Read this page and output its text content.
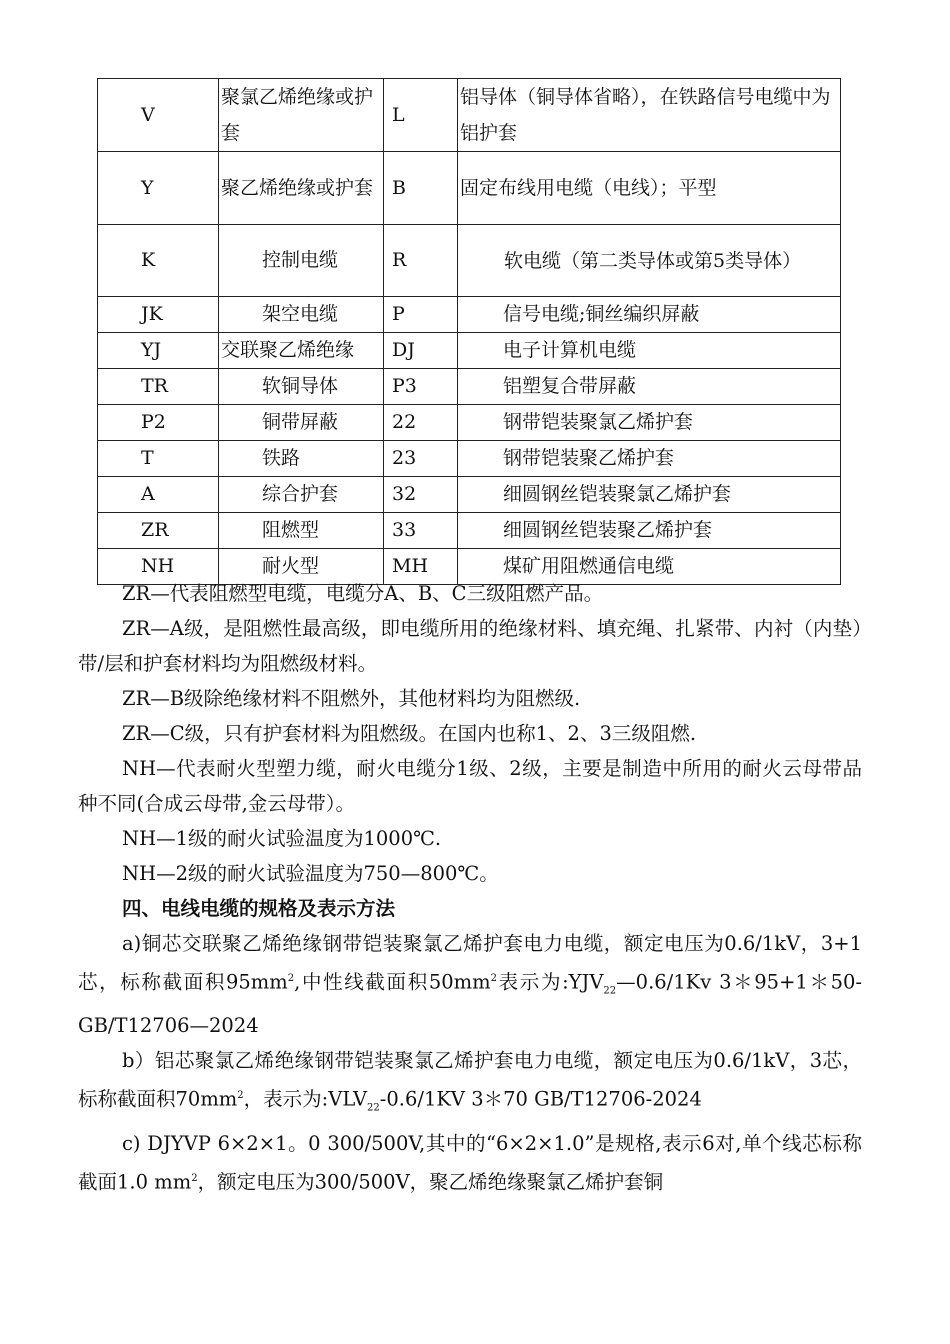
V	聚氯乙烯绝缘或护套	L	铝导体（铜导体省略），在铁路信号电缆中为铝护套
Y	聚乙烯绝缘或护套	B	固定布线用电缆（电线）；平型
K	控制电缆	R	软电缆（第二类导体或第5类导体）
JK	架空电缆	P	信号电缆;铜丝编织屏蔽
YJ	交联聚乙烯绝缘	DJ	电子计算机电缆
TR	软铜导体	P3	铝塑复合带屏蔽
P2	铜带屏蔽	22	钢带铠装聚氯乙烯护套
T	铁路	23	钢带铠装聚乙烯护套
A	综合护套	32	细圆钢丝铠装聚氯乙烯护套
ZR	阻燃型	33	细圆钢丝铠装聚乙烯护套
NH	耐火型	MH	煤矿用阻燃通信电缆

ZR—代表阻燃型电缆，电缆分A、B、C三级阻燃产品。

ZR—A级，是阻燃性最高级，即电缆所用的绝缘材料、填充绳、扎紧带、内衬（内垫）带/层和护套材料均为阻燃级材料。

ZR—B级除绝缘材料不阻燃外，其他材料均为阻燃级.

ZR—C级，只有护套材料为阻燃级。在国内也称1、2、3三级阻燃.

NH—代表耐火型塑力缆，耐火电缆分1级、2级，主要是制造中所用的耐火云母带品种不同(合成云母带,金云母带）。

NH—1级的耐火试验温度为1000℃.

NH—2级的耐火试验温度为750—800℃。

四、电线电缆的规格及表示方法

a)铜芯交联聚乙烯绝缘钢带铠装聚氯乙烯护套电力电缆，额定电压为0.6/1kV，3+1芯，标称截面积$95mm^2$,中性线截面积$50mm^2$表示为$:YJV_{22}—0.6/1Kv$ 3＊95+1＊50-GB/T12706—2024

b）铝芯聚氯乙烯绝缘钢带铠装聚氯乙烯护套电力电缆，额定电压为0.6/1kV，3芯，标称截面积$70mm^2$，表示为$:VLV_{22}-0.6/1KV$ 3＊70 GB/T12706-2024

c) DJYVP 6×2×1。0 300/500V,其中的“6×2×1.0”是规格,表示6对,单个线芯标称截面1.0 $mm^2$，额定电压为300/500V，聚乙烯绝缘聚氯乙烯护套铜
